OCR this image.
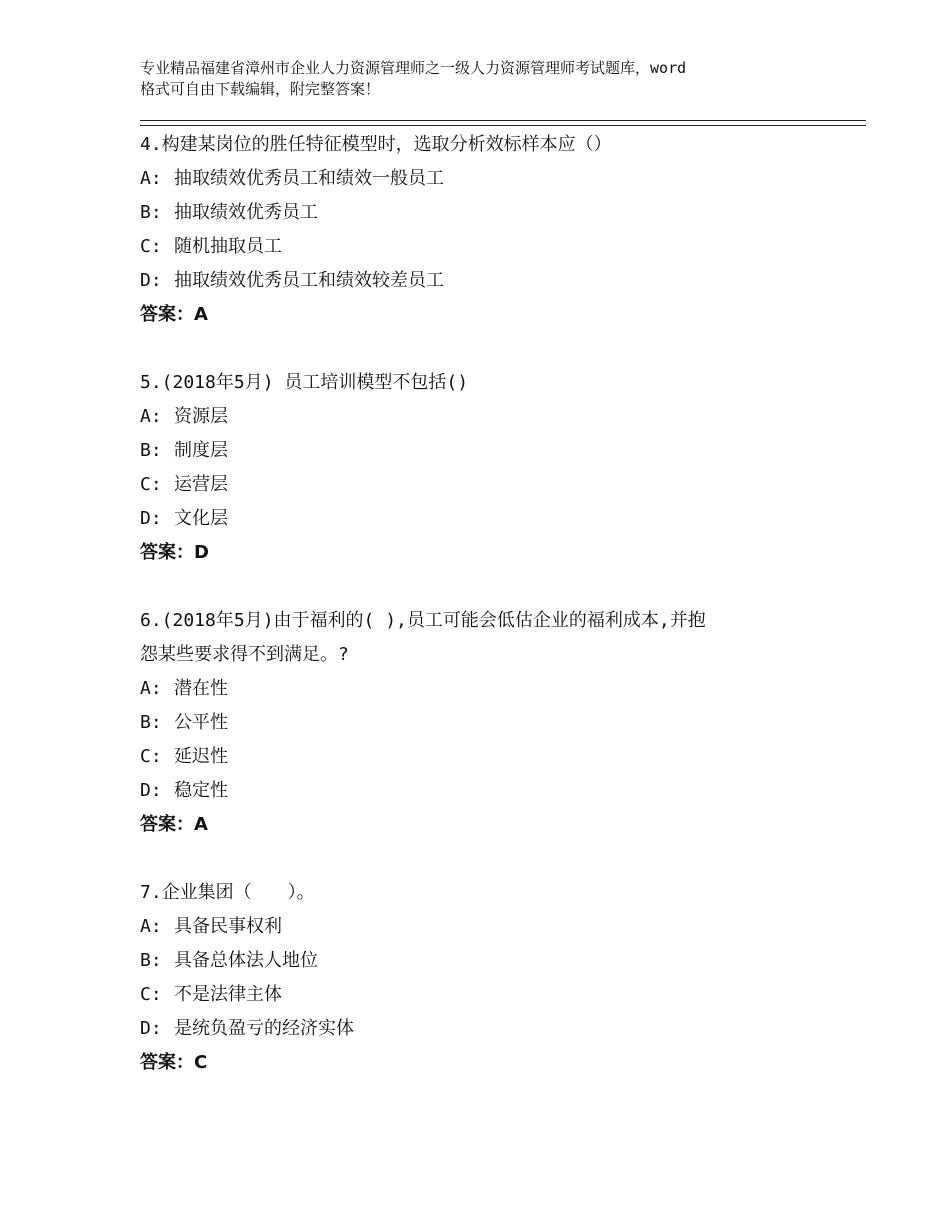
专业精品福建省漳州市企业人力资源管理师之一级人力资源管理师考试题库，word
格式可自由下载编辑，附完整答案！
4.构建某岗位的胜任特征模型时，选取分析效标样本应（）
A: 抽取绩效优秀员工和绩效一般员工
B: 抽取绩效优秀员工
C: 随机抽取员工
D: 抽取绩效优秀员工和绩效较差员工
答案：A
5.(2018年5月) 员工培训模型不包括()
A: 资源层
B: 制度层
C: 运营层
D: 文化层
答案：D
6.(2018年5月)由于福利的( ),员工可能会低估企业的福利成本,并抱
怨某些要求得不到满足。?
A: 潜在性
B: 公平性
C: 延迟性
D: 稳定性
答案：A
7.企业集团（　　）。
A: 具备民事权利
B: 具备总体法人地位
C: 不是法律主体
D: 是统负盈亏的经济实体
答案：C
